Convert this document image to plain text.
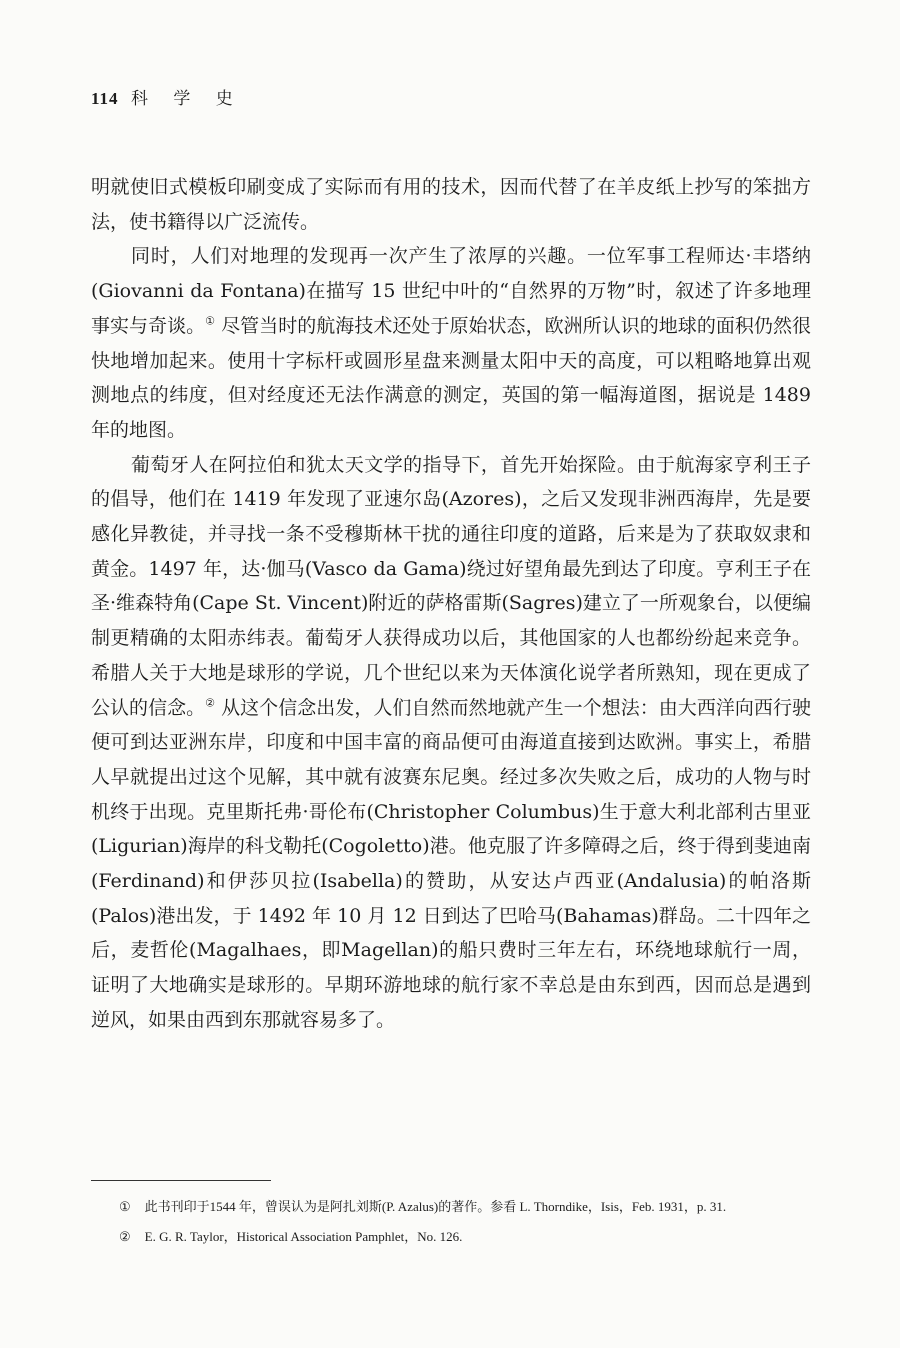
114 科 学 史

明就使旧式模板印刷变成了实际而有用的技术，因而代替了在羊皮纸上抄写的笨拙方法，使书籍得以广泛流传。

同时，人们对地理的发现再一次产生了浓厚的兴趣。一位军事工程师达·丰塔纳(Giovanni da Fontana)在描写 15 世纪中叶的“自然界的万物”时，叙述了许多地理事实与奇谈。① 尽管当时的航海技术还处于原始状态，欧洲所认识的地球的面积仍然很快地增加起来。使用十字标杆或圆形星盘来测量太阳中天的高度，可以粗略地算出观测地点的纬度，但对经度还无法作满意的测定，英国的第一幅海道图，据说是 1489 年的地图。

葡萄牙人在阿拉伯和犹太天文学的指导下，首先开始探险。由于航海家亨利王子的倡导，他们在 1419 年发现了亚速尔岛(Azores)，之后又发现非洲西海岸，先是要感化异教徒，并寻找一条不受穆斯林干扰的通往印度的道路，后来是为了获取奴隶和黄金。1497 年，达·伽马(Vasco da Gama)绕过好望角最先到达了印度。亨利王子在圣·维森特角(Cape St. Vincent)附近的萨格雷斯(Sagres)建立了一所观象台，以便编制更精确的太阳赤纬表。葡萄牙人获得成功以后，其他国家的人也都纷纷起来竞争。希腊人关于大地是球形的学说，几个世纪以来为天体演化说学者所熟知，现在更成了公认的信念。② 从这个信念出发，人们自然而然地就产生一个想法：由大西洋向西行驶便可到达亚洲东岸，印度和中国丰富的商品便可由海道直接到达欧洲。事实上，希腊人早就提出过这个见解，其中就有波赛东尼奥。经过多次失败之后，成功的人物与时机终于出现。克里斯托弗·哥伦布(Christopher Columbus)生于意大利北部利古里亚(Ligurian)海岸的科戈勒托(Cogoletto)港。他克服了许多障碍之后，终于得到斐迪南(Ferdinand)和伊莎贝拉(Isabella)的赞助，从安达卢西亚(Andalusia)的帕洛斯(Palos)港出发，于 1492 年 10 月 12 日到达了巴哈马(Bahamas)群岛。二十四年之后，麦哲伦(Magalhaes，即Magellan)的船只费时三年左右，环绕地球航行一周，证明了大地确实是球形的。早期环游地球的航行家不幸总是由东到西，因而总是遇到逆风，如果由西到东那就容易多了。

① 此书刊印于1544 年，曾误认为是阿扎刘斯(P. Azalus)的著作。参看 L. Thorndike，Isis，Feb. 1931，p. 31.
② E. G. R. Taylor，Historical Association Pamphlet，No. 126.
